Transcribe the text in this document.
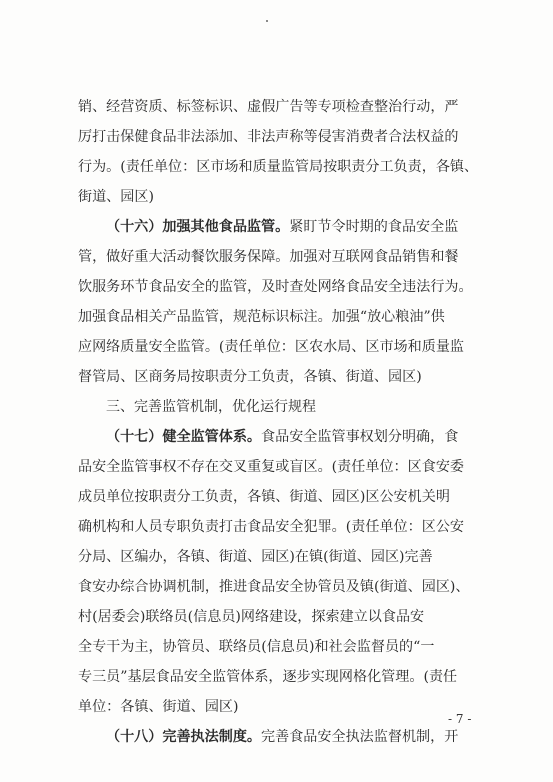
销、经营资质、标签标识、虚假广告等专项检查整治行动，严
厉打击保健食品非法添加、非法声称等侵害消费者合法权益的
行为。(责任单位：区市场和质量监管局按职责分工负责，各镇、
街道、园区)
（十六）加强其他食品监管。紧盯节令时期的食品安全监
管，做好重大活动餐饮服务保障。加强对互联网食品销售和餐
饮服务环节食品安全的监管，及时查处网络食品安全违法行为。
加强食品相关产品监管，规范标识标注。加强“放心粮油”供
应网络质量安全监管。(责任单位：区农水局、区市场和质量监
督管局、区商务局按职责分工负责，各镇、街道、园区)
三、完善监管机制，优化运行规程
（十七）健全监管体系。食品安全监管事权划分明确，食
品安全监管事权不存在交叉重复或盲区。(责任单位：区食安委
成员单位按职责分工负责，各镇、街道、园区)区公安机关明
确机构和人员专职负责打击食品安全犯罪。(责任单位：区公安
分局、区编办，各镇、街道、园区)在镇(街道、园区)完善
食安办综合协调机制，推进食品安全协管员及镇(街道、园区)、
村(居委会)联络员(信息员)网络建设，探索建立以食品安
全专干为主，协管员、联络员(信息员)和社会监督员的“一
专三员”基层食品安全监管体系，逐步实现网格化管理。(责任
单位：各镇、街道、园区)
（十八）完善执法制度。完善食品安全执法监督机制，开
- 7 -
